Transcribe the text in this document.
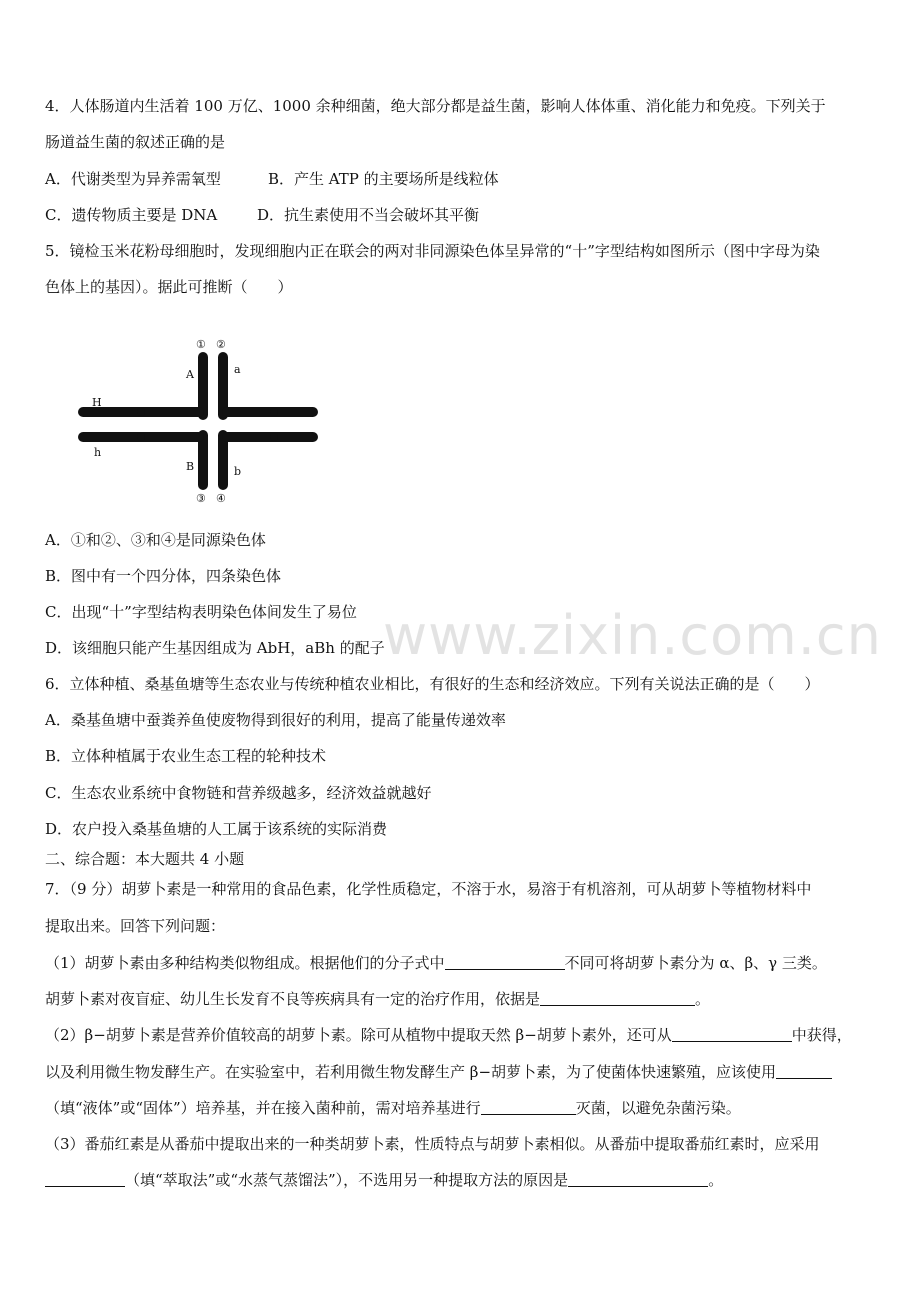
www.zixin.com.cn
4．人体肠道内生活着 100 万亿、1000 余种细菌，绝大部分都是益生菌，影响人体体重、消化能力和免疫。下列关于
肠道益生菌的叙述正确的是
A．代谢类型为异养需氧型	B．产生 ATP 的主要场所是线粒体
C．遗传物质主要是 DNA	D．抗生素使用不当会破坏其平衡
5．镜检玉米花粉母细胞时，发现细胞内正在联会的两对非同源染色体呈异常的“十”字型结构如图所示（图中字母为染
色体上的基因）。据此可推断（　　）
① ②
③ ④
A	a
B	b
H
h
A．①和②、③和④是同源染色体
B．图中有一个四分体，四条染色体
C．出现“十”字型结构表明染色体间发生了易位
D．该细胞只能产生基因组成为 AbH，aBh 的配子
6．立体种植、桑基鱼塘等生态农业与传统种植农业相比，有很好的生态和经济效应。下列有关说法正确的是（　　）
A．桑基鱼塘中蚕粪养鱼使废物得到很好的利用，提高了能量传递效率
B．立体种植属于农业生态工程的轮种技术
C．生态农业系统中食物链和营养级越多，经济效益就越好
D．农户投入桑基鱼塘的人工属于该系统的实际消费
二、综合题：本大题共 4 小题
7．（9 分）胡萝卜素是一种常用的食品色素，化学性质稳定，不溶于水，易溶于有机溶剂，可从胡萝卜等植物材料中
提取出来。回答下列问题：
（1）胡萝卜素由多种结构类似物组成。根据他们的分子式中	不同可将胡萝卜素分为 α、β、γ 三类。
胡萝卜素对夜盲症、幼儿生长发育不良等疾病具有一定的治疗作用，依据是	。
（2）β−胡萝卜素是营养价值较高的胡萝卜素。除可从植物中提取天然 β−胡萝卜素外，还可从	中获得，
以及利用微生物发酵生产。在实验室中，若利用微生物发酵生产 β−胡萝卜素，为了使菌体快速繁殖，应该使用
（填“液体”或“固体”）培养基，并在接入菌种前，需对培养基进行	灭菌，以避免杂菌污染。
（3）番茄红素是从番茄中提取出来的一种类胡萝卜素，性质特点与胡萝卜素相似。从番茄中提取番茄红素时，应采用
（填“萃取法”或“水蒸气蒸馏法”），不选用另一种提取方法的原因是	。
